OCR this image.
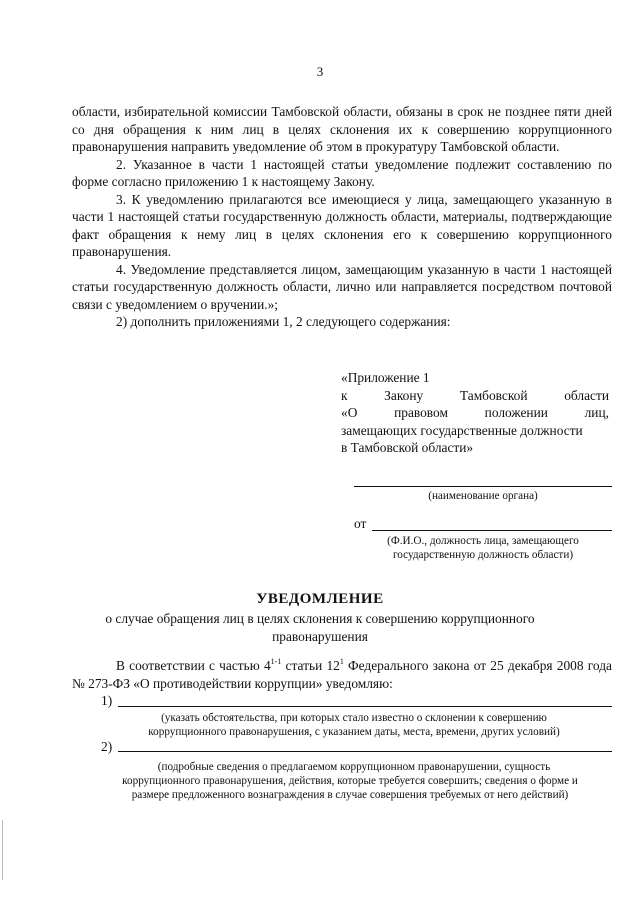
3

области, избирательной комиссии Тамбовской области, обязаны в срок не позднее пяти дней со дня обращения к ним лиц в целях склонения их к совершению коррупционного правонарушения направить уведомление об этом в прокуратуру Тамбовской области.

2. Указанное в части 1 настоящей статьи уведомление подлежит составлению по форме согласно приложению 1 к настоящему Закону.

3. К уведомлению прилагаются все имеющиеся у лица, замещающего указанную в части 1 настоящей статьи государственную должность области, материалы, подтверждающие факт обращения к нему лиц в целях склонения его к совершению коррупционного правонарушения.

4. Уведомление представляется лицом, замещающим указанную в части 1 настоящей статьи государственную должность области, лично или направляется посредством почтовой связи с уведомлением о вручении.»;

2) дополнить приложениями 1, 2 следующего содержания:

«Приложение 1

к Закону Тамбовской области

«О правовом положении лиц,

замещающих государственные должности

в Тамбовской области»

(наименование органа)
от
(Ф.И.О., должность лица, замещающего
государственную должность области)
УВЕДОМЛЕНИЕ
о случае обращения лиц в целях склонения к совершению коррупционного правонарушения

В соответствии с частью 4$^{1-1}$ статьи $12^1$ Федерального закона от 25 декабря 2008 года № 273-ФЗ «О противодействии коррупции» уведомляю:

1)
(указать обстоятельства, при которых стало известно о склонении к совершению
коррупционного правонарушения, с указанием даты, места, времени, других условий)
2)
(подробные сведения о предлагаемом коррупционном правонарушении, сущность
коррупционного правонарушения, действия, которые требуется совершить; сведения о форме и
размере предложенного вознаграждения в случае совершения требуемых от него действий)
